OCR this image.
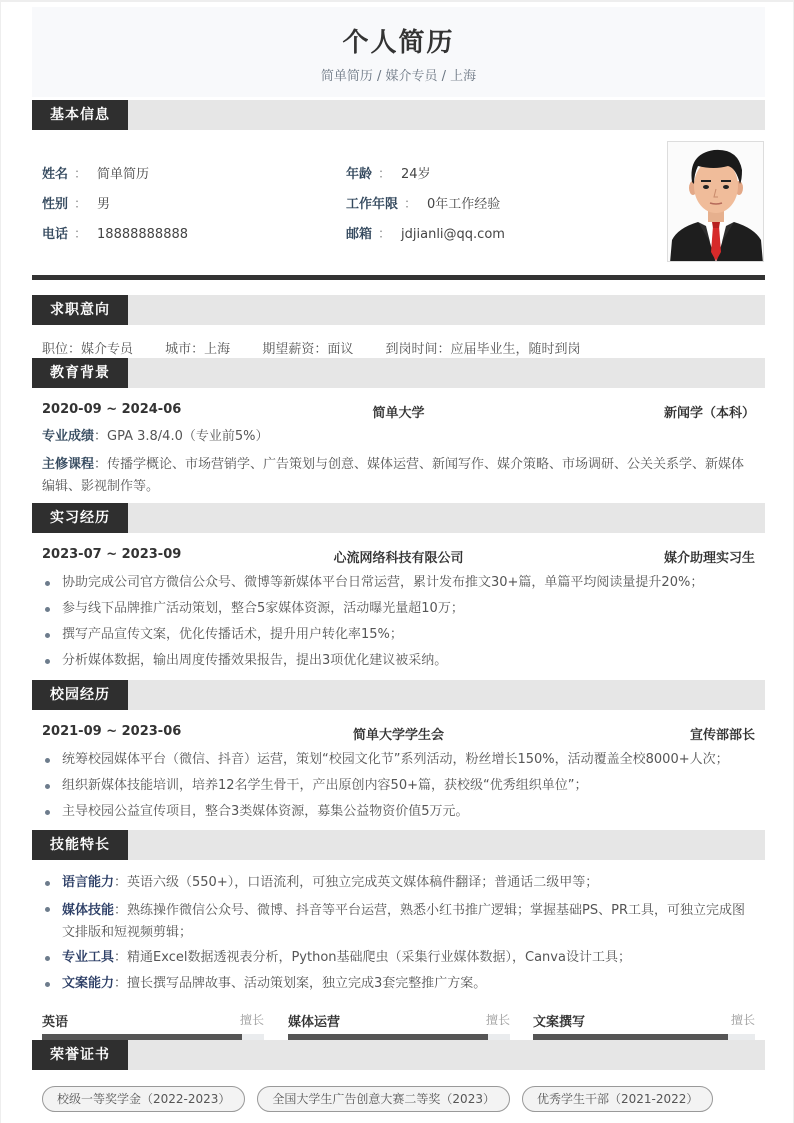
个人简历
简单简历 / 媒介专员 / 上海
基本信息
姓名 ： 简单简历
性别 ： 男
电话 ： 18888888888
年龄 ： 24岁
工作年限 ： 0年工作经验
邮箱 ： jdjianli@qq.com
求职意向
职位：媒介专员 城市：上海 期望薪资：面议 到岗时间：应届毕业生，随时到岗
教育背景
简单大学
2020-09 ~ 2024-06	新闻学（本科）
专业成绩：GPA 3.8/4.0（专业前5%）
主修课程：传播学概论、市场营销学、广告策划与创意、媒体运营、新闻写作、媒介策略、市场调研、公关关系学、新媒体编辑、影视制作等。
实习经历
心流网络科技有限公司
2023-07 ~ 2023-09	媒介助理实习生
协助完成公司官方微信公众号、微博等新媒体平台日常运营，累计发布推文30+篇，单篇平均阅读量提升20%；
参与线下品牌推广活动策划，整合5家媒体资源，活动曝光量超10万；
撰写产品宣传文案，优化传播话术，提升用户转化率15%；
分析媒体数据，输出周度传播效果报告，提出3项优化建议被采纳。
校园经历
简单大学学生会
2021-09 ~ 2023-06	宣传部部长
统筹校园媒体平台（微信、抖音）运营，策划“校园文化节”系列活动，粉丝增长150%，活动覆盖全校8000+人次；
组织新媒体技能培训，培养12名学生骨干，产出原创内容50+篇，获校级“优秀组织单位”；
主导校园公益宣传项目，整合3类媒体资源，募集公益物资价值5万元。
技能特长
语言能力：英语六级（550+），口语流利，可独立完成英文媒体稿件翻译；普通话二级甲等；
媒体技能：熟练操作微信公众号、微博、抖音等平台运营，熟悉小红书推广逻辑；掌握基础PS、PR工具，可独立完成图文排版和短视频剪辑；
专业工具：精通Excel数据透视表分析，Python基础爬虫（采集行业媒体数据），Canva设计工具；
文案能力：擅长撰写品牌故事、活动策划案，独立完成3套完整推广方案。
英语	擅长 媒体运营	擅长 文案撰写	擅长
荣誉证书
校级一等奖学金（2022-2023）	全国大学生广告创意大赛二等奖（2023）	优秀学生干部（2021-2022）
